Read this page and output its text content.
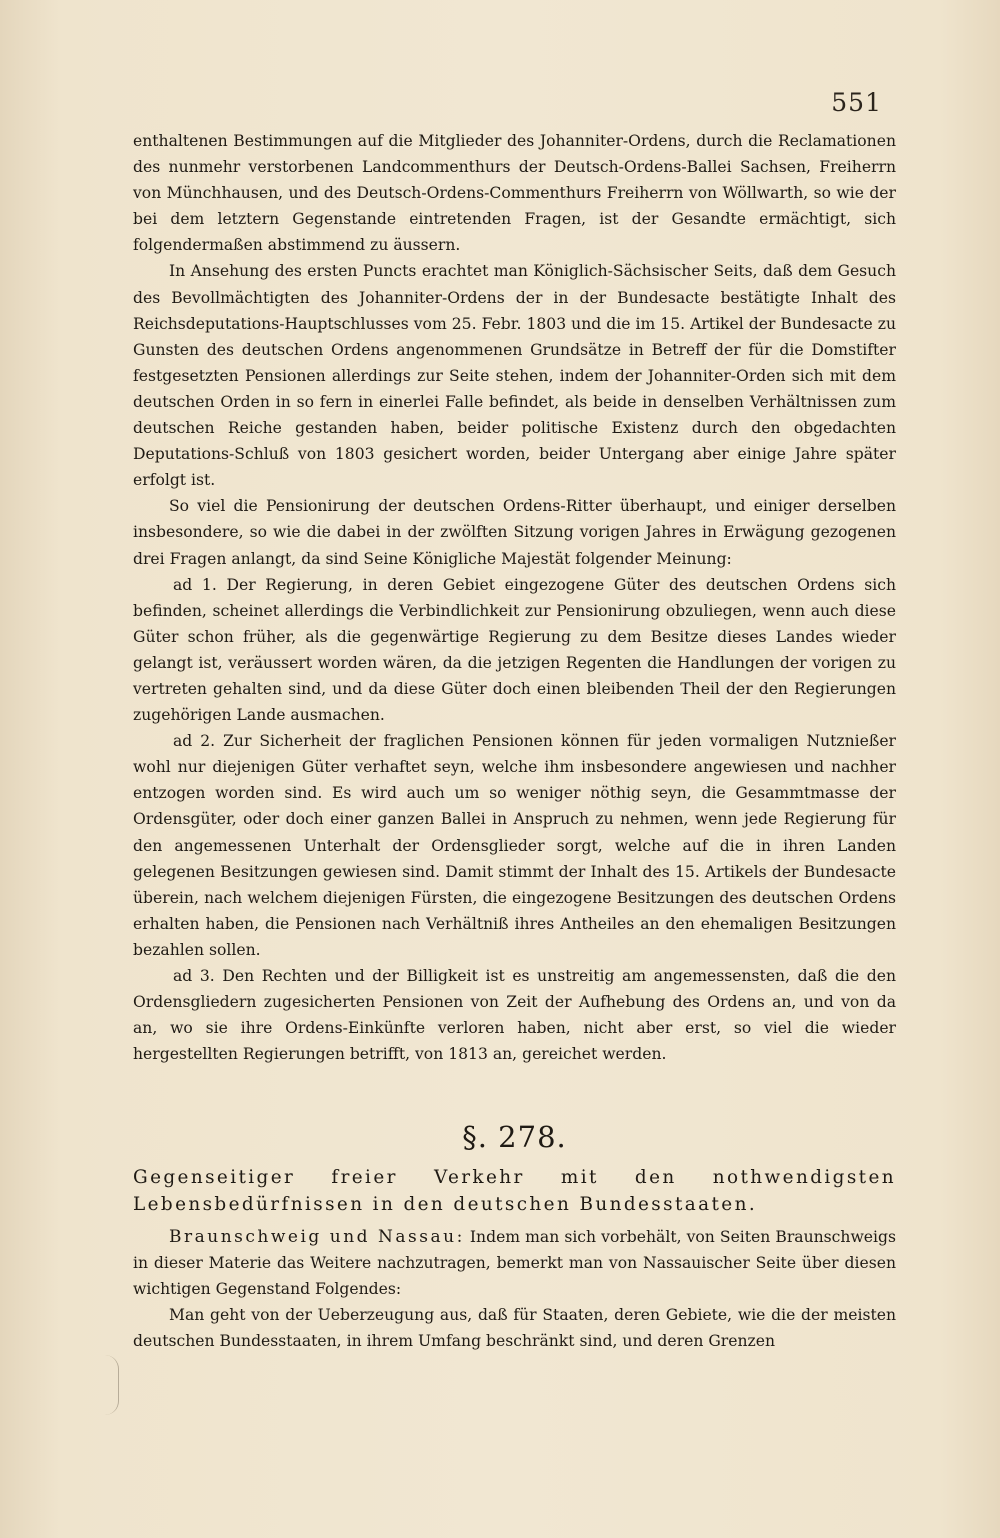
551

enthaltenen Bestimmungen auf die Mitglieder des Johanniter-Ordens, durch die Reclamationen des nunmehr verstorbenen Landcommenthurs der Deutsch-Ordens-Ballei Sachsen, Freiherrn von Münchhausen, und des Deutsch-Ordens-Commenthurs Freiherrn von Wöllwarth, so wie der bei dem letztern Gegenstande eintretenden Fragen, ist der Gesandte ermächtigt, sich folgendermaßen abstimmend zu äussern.

In Ansehung des ersten Puncts erachtet man Königlich-Sächsischer Seits, daß dem Gesuch des Bevollmächtigten des Johanniter-Ordens der in der Bundesacte bestätigte Inhalt des Reichsdeputations-Hauptschlusses vom 25. Febr. 1803 und die im 15. Artikel der Bundesacte zu Gunsten des deutschen Ordens angenommenen Grundsätze in Betreff der für die Domstifter festgesetzten Pensionen allerdings zur Seite stehen, indem der Johanniter-Orden sich mit dem deutschen Orden in so fern in einerlei Falle befindet, als beide in denselben Verhältnissen zum deutschen Reiche gestanden haben, beider politische Existenz durch den obgedachten Deputations-Schluß von 1803 gesichert worden, beider Untergang aber einige Jahre später erfolgt ist.

So viel die Pensionirung der deutschen Ordens-Ritter überhaupt, und einiger derselben insbesondere, so wie die dabei in der zwölften Sitzung vorigen Jahres in Erwägung gezogenen drei Fragen anlangt, da sind Seine Königliche Majestät folgender Meinung:

ad 1. Der Regierung, in deren Gebiet eingezogene Güter des deutschen Ordens sich befinden, scheinet allerdings die Verbindlichkeit zur Pensionirung obzuliegen, wenn auch diese Güter schon früher, als die gegenwärtige Regierung zu dem Besitze dieses Landes wieder gelangt ist, veräussert worden wären, da die jetzigen Regenten die Handlungen der vorigen zu vertreten gehalten sind, und da diese Güter doch einen bleibenden Theil der den Regierungen zugehörigen Lande ausmachen.

ad 2. Zur Sicherheit der fraglichen Pensionen können für jeden vormaligen Nutznießer wohl nur diejenigen Güter verhaftet seyn, welche ihm insbesondere angewiesen und nachher entzogen worden sind. Es wird auch um so weniger nöthig seyn, die Gesammtmasse der Ordensgüter, oder doch einer ganzen Ballei in Anspruch zu nehmen, wenn jede Regierung für den angemessenen Unterhalt der Ordensglieder sorgt, welche auf die in ihren Landen gelegenen Besitzungen gewiesen sind. Damit stimmt der Inhalt des 15. Artikels der Bundesacte überein, nach welchem diejenigen Fürsten, die eingezogene Besitzungen des deutschen Ordens erhalten haben, die Pensionen nach Verhältniß ihres Antheiles an den ehemaligen Besitzungen bezahlen sollen.

ad 3. Den Rechten und der Billigkeit ist es unstreitig am angemessensten, daß die den Ordensgliedern zugesicherten Pensionen von Zeit der Aufhebung des Ordens an, und von da an, wo sie ihre Ordens-Einkünfte verloren haben, nicht aber erst, so viel die wieder hergestellten Regierungen betrifft, von 1813 an, gereichet werden.

§. 278.
Gegenseitiger freier Verkehr mit den nothwendigsten Lebensbedürfnissen in den deutschen Bundesstaaten.

Braunschweig und Nassau: Indem man sich vorbehält, von Seiten Braunschweigs in dieser Materie das Weitere nachzutragen, bemerkt man von Nassauischer Seite über diesen wichtigen Gegenstand Folgendes:

Man geht von der Ueberzeugung aus, daß für Staaten, deren Gebiete, wie die der meisten deutschen Bundesstaaten, in ihrem Umfang beschränkt sind, und deren Grenzen
